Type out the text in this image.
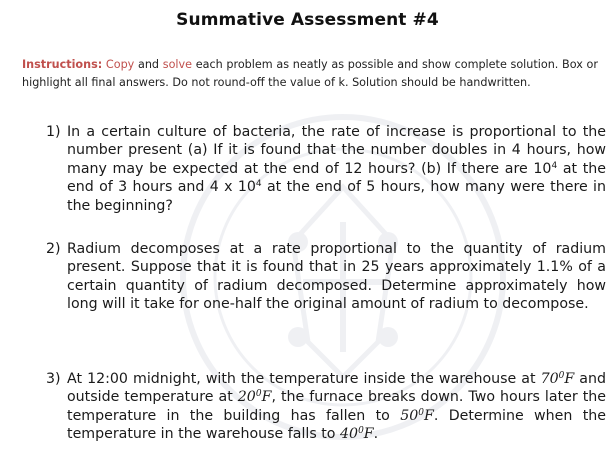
Summative Assessment #4
Instructions: Copy and solve each problem as neatly as possible and show complete solution. Box or highlight all final answers. Do not round-off the value of k. Solution should be handwritten.
1) In a certain culture of bacteria, the rate of increase is proportional to the number present (a) If it is found that the number doubles in 4 hours, how many may be expected at the end of 12 hours? (b) If there are $10^4$ at the end of 3 hours and 4 x $10^4$ at the end of 5 hours, how many were there in the beginning?
2) Radium decomposes at a rate proportional to the quantity of radium present. Suppose that it is found that in 25 years approximately 1.1% of a certain quantity of radium decomposed. Determine approximately how long will it take for one-half the original amount of radium to decompose.
3) At 12:00 midnight, with the temperature inside the warehouse at $70^0F$ and outside temperature at $20^0F$, the furnace breaks down. Two hours later the temperature in the building has fallen to $50^0F$. Determine when the temperature in the warehouse falls to $40^0F$.
